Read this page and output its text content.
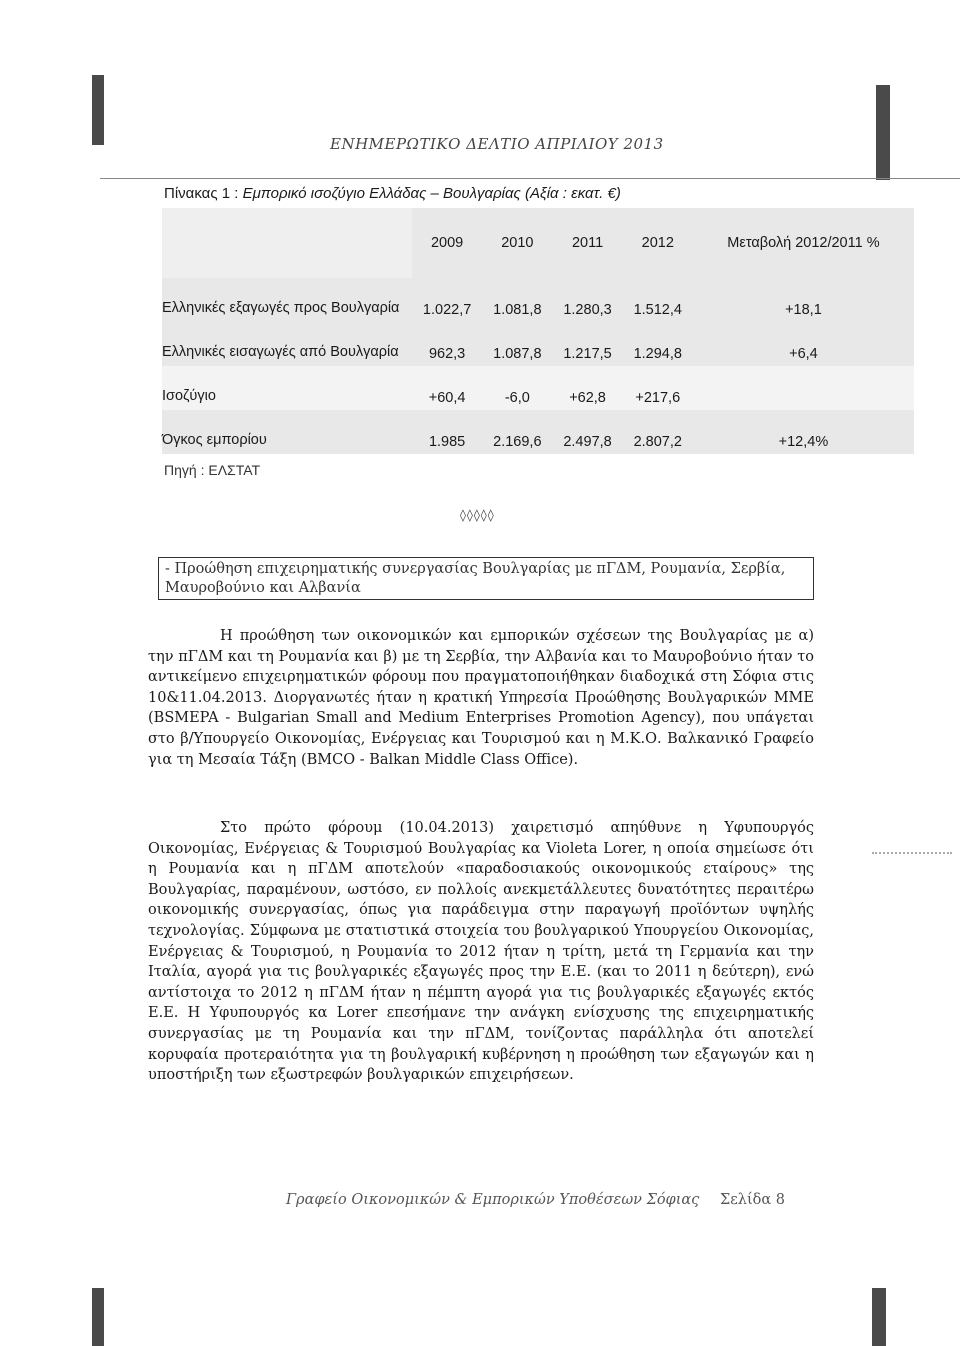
ΕΝΗΜΕΡΩΤΙΚΟ ΔΕΛΤΙΟ ΑΠΡΙΛΙΟΥ 2013
Πίνακας 1 : Εμπορικό ισοζύγιο Ελλάδας – Βουλγαρίας (Αξία : εκατ. €)
	2009	2010	2011	2012	Μεταβολή 2012/2011 %
Ελληνικές εξαγωγές προς Βουλγαρία	1.022,7	1.081,8	1.280,3	1.512,4	+18,1
Ελληνικές εισαγωγές από Βουλγαρία	962,3	1.087,8	1.217,5	1.294,8	+6,4
Ισοζύγιο	+60,4	-6,0	+62,8	+217,6	
Όγκος εμπορίου	1.985	2.169,6	2.497,8	2.807,2	+12,4%
Πηγή : ΕΛΣΤΑΤ
◊◊◊◊◊
- Προώθηση επιχειρηματικής συνεργασίας Βουλγαρίας με πΓΔΜ, Ρουμανία, Σερβία, Μαυροβούνιο και Αλβανία

Η προώθηση των οικονομικών και εμπορικών σχέσεων της Βουλγαρίας με α) την πΓΔΜ και τη Ρουμανία και β) με τη Σερβία, την Αλβανία και το Μαυροβούνιο ήταν το αντικείμενο επιχειρηματικών φόρουμ που πραγματοποιήθηκαν διαδοχικά στη Σόφια στις 10&11.04.2013. Διοργανωτές ήταν η κρατική Υπηρεσία Προώθησης Βουλγαρικών ΜΜΕ (BSMEPA - Bulgarian Small and Medium Enterprises Promotion Agency), που υπάγεται στο β/Υπουργείο Οικονομίας, Ενέργειας και Τουρισμού και η Μ.Κ.Ο. Βαλκανικό Γραφείο για τη Μεσαία Τάξη (BMCO - Balkan Middle Class Office).

Στο πρώτο φόρουμ (10.04.2013) χαιρετισμό απηύθυνε η Υφυπουργός Οικονομίας, Ενέργειας & Τουρισμού Βουλγαρίας κα Violeta Lorer, η οποία σημείωσε ότι η Ρουμανία και η πΓΔΜ αποτελούν «παραδοσιακούς οικονομικούς εταίρους» της Βουλγαρίας, παραμένουν, ωστόσο, εν πολλοίς ανεκμετάλλευτες δυνατότητες περαιτέρω οικονομικής συνεργασίας, όπως για παράδειγμα στην παραγωγή προϊόντων υψηλής τεχνολογίας. Σύμφωνα με στατιστικά στοιχεία του βουλγαρικού Υπουργείου Οικονομίας, Ενέργειας & Τουρισμού, η Ρουμανία το 2012 ήταν η τρίτη, μετά τη Γερμανία και την Ιταλία, αγορά για τις βουλγαρικές εξαγωγές προς την Ε.Ε. (και το 2011 η δεύτερη), ενώ αντίστοιχα το 2012 η πΓΔΜ ήταν η πέμπτη αγορά για τις βουλγαρικές εξαγωγές εκτός Ε.Ε. Η Υφυπουργός κα Lorer επεσήμανε την ανάγκη ενίσχυσης της επιχειρηματικής συνεργασίας με τη Ρουμανία και την πΓΔΜ, τονίζοντας παράλληλα ότι αποτελεί κορυφαία προτεραιότητα για τη βουλγαρική κυβέρνηση η προώθηση των εξαγωγών και η υποστήριξη των εξωστρεφών βουλγαρικών επιχειρήσεων.

Γραφείο Οικονομικών & Εμπορικών Υποθέσεων Σόφιας Σελίδα 8
